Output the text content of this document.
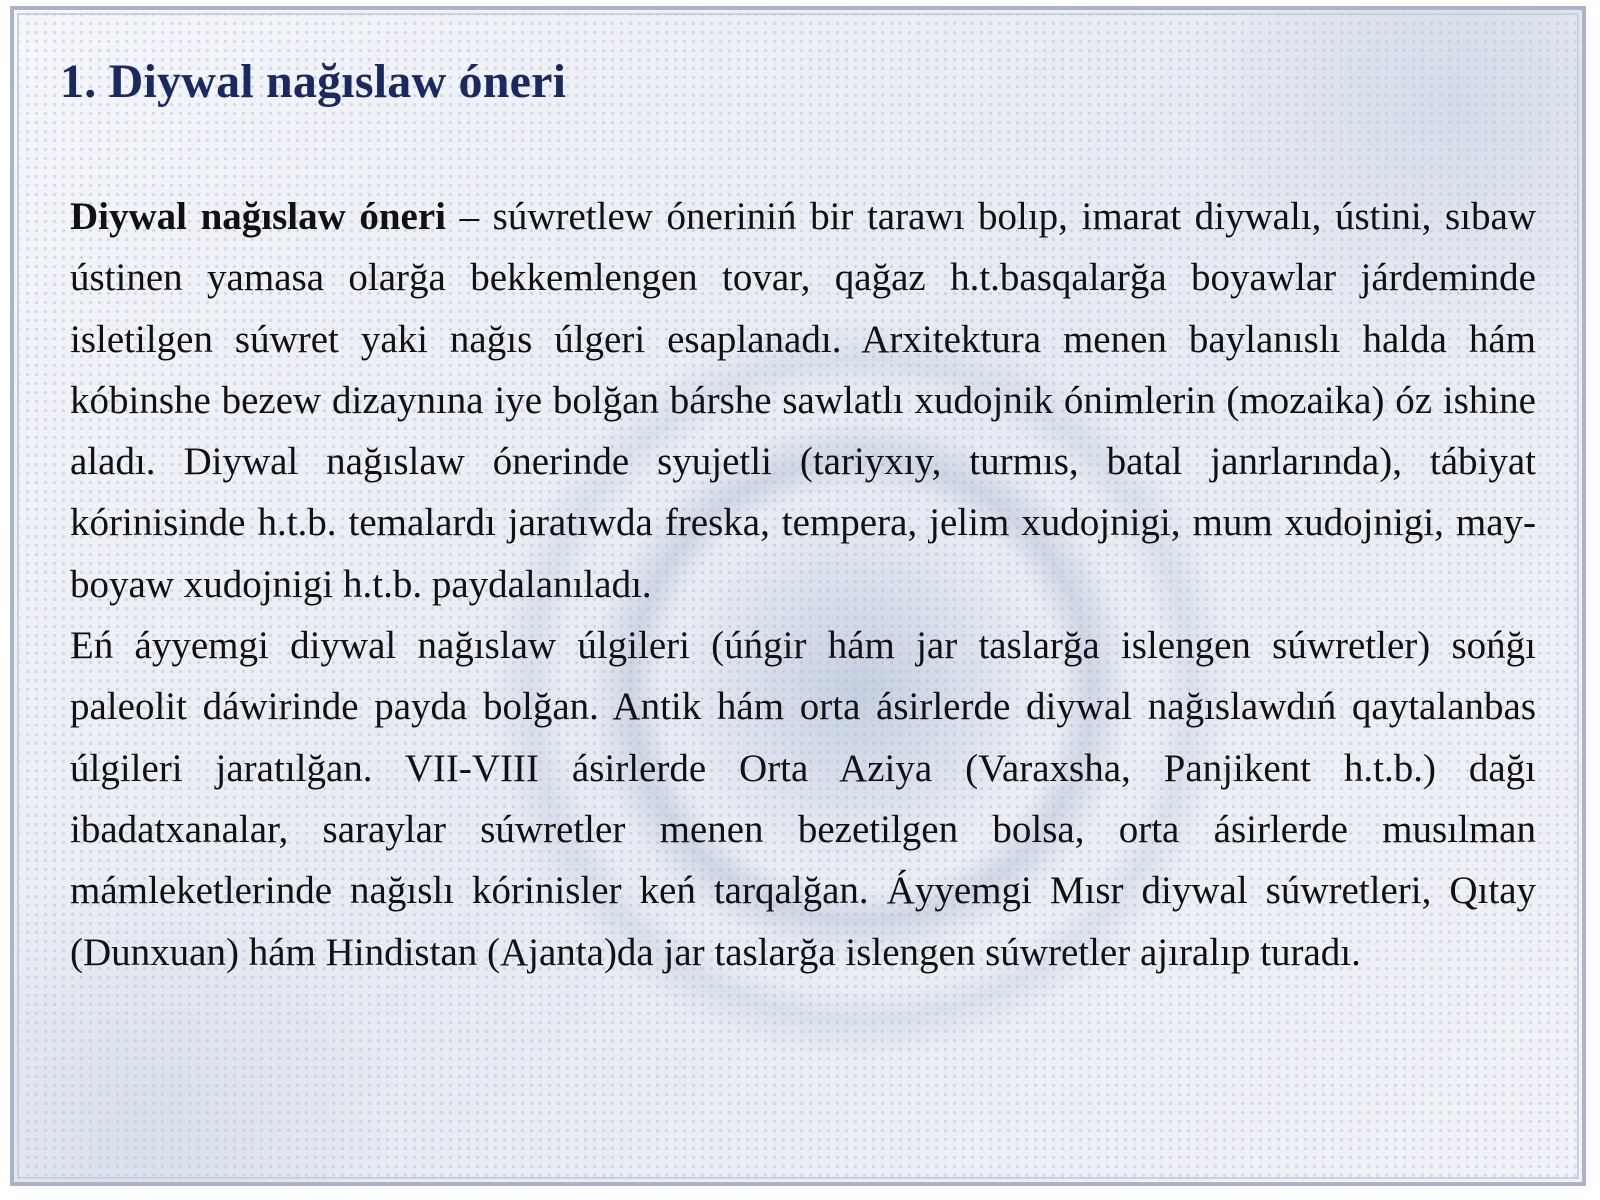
1. Diywal nağıslaw óneri

Diywal nağıslaw óneri – súwretlew óneriniń bir tarawı bolıp, imarat diywalı, ústini, sıbaw ústinen yamasa olarğa bekkemlengen tovar, qağaz h.t.basqalarğa boyawlar járdeminde isletilgen súwret yaki nağıs úlgeri esaplanadı. Arxitektura menen baylanıslı halda hám kóbinshe bezew dizaynına iye bolğan bárshe sawlatlı xudojnik ónimlerin (mozaika) óz ishine aladı. Diywal nağıslaw ónerinde syujetli (tariyxıy, turmıs, batal janrlarında), tábiyat kórinisinde h.t.b. temalardı jaratıwda freska, tempera, jelim xudojnigi, mum xudojnigi, may-boyaw xudojnigi h.t.b. paydalanıladı.

Eń áyyemgi diywal nağıslaw úlgileri (úńgir hám jar taslarğa islengen súwretler) sońğı paleolit dáwirinde payda bolğan. Antik hám orta ásirlerde diywal nağıslawdıń qaytalanbas úlgileri jaratılğan. VII-VIII ásirlerde Orta Aziya (Varaxsha, Panjikent h.t.b.) dağı ibadatxanalar, saraylar súwretler menen bezetilgen bolsa, orta ásirlerde musılman mámleketlerinde nağıslı kórinisler keń tarqalğan. Áyyemgi Mısr diywal súwretleri, Qıtay (Dunxuan) hám Hindistan (Ajanta)da jar taslarğa islengen súwretler ajıralıp turadı.
